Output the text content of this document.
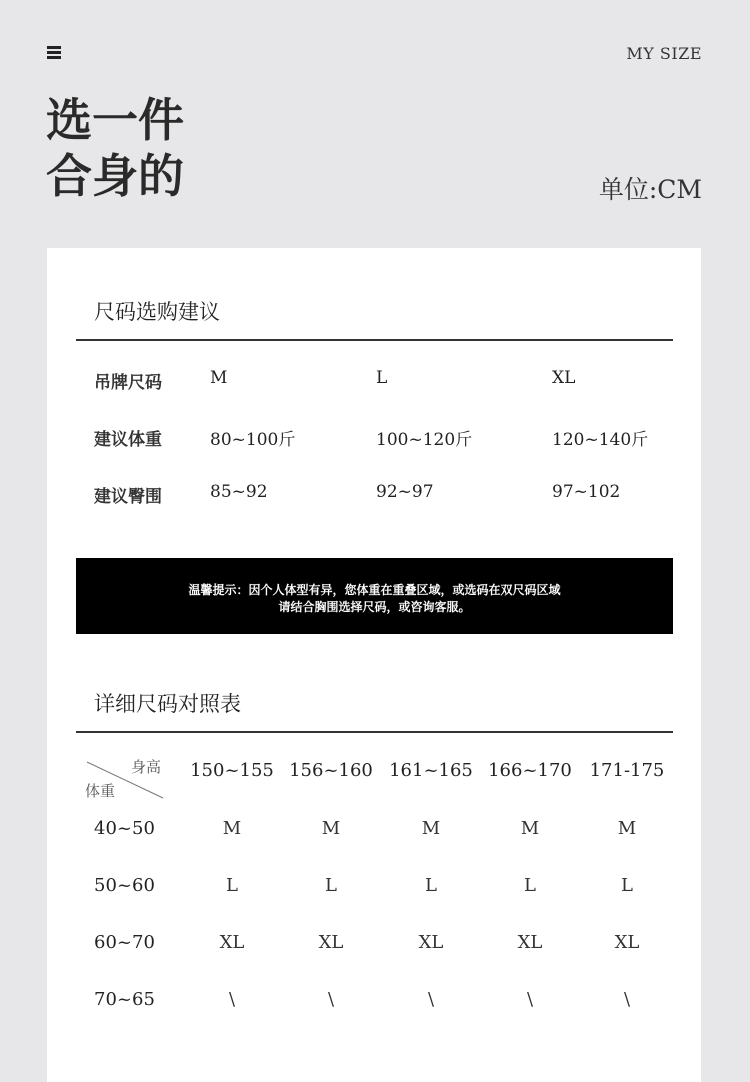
MY SIZE
选一件
合身的	单位:CM
尺码选购建议
吊牌尺码	M	L	XL
建议体重	80~100斤	100~120斤	120~140斤
建议臀围	85~92	92~97	97~102
温馨提示：因个人体型有异，您体重在重叠区域，或选码在双尺码区域
请结合胸围选择尺码，或咨询客服。
详细尺码对照表
身高
体重
150~155 156~160 161~165 166~170 171-175
40~50	M	M	M	M	M
50~60	L	L	L	L	L
60~70	XL	XL	XL	XL	XL
70~65	\	\	\	\	\
